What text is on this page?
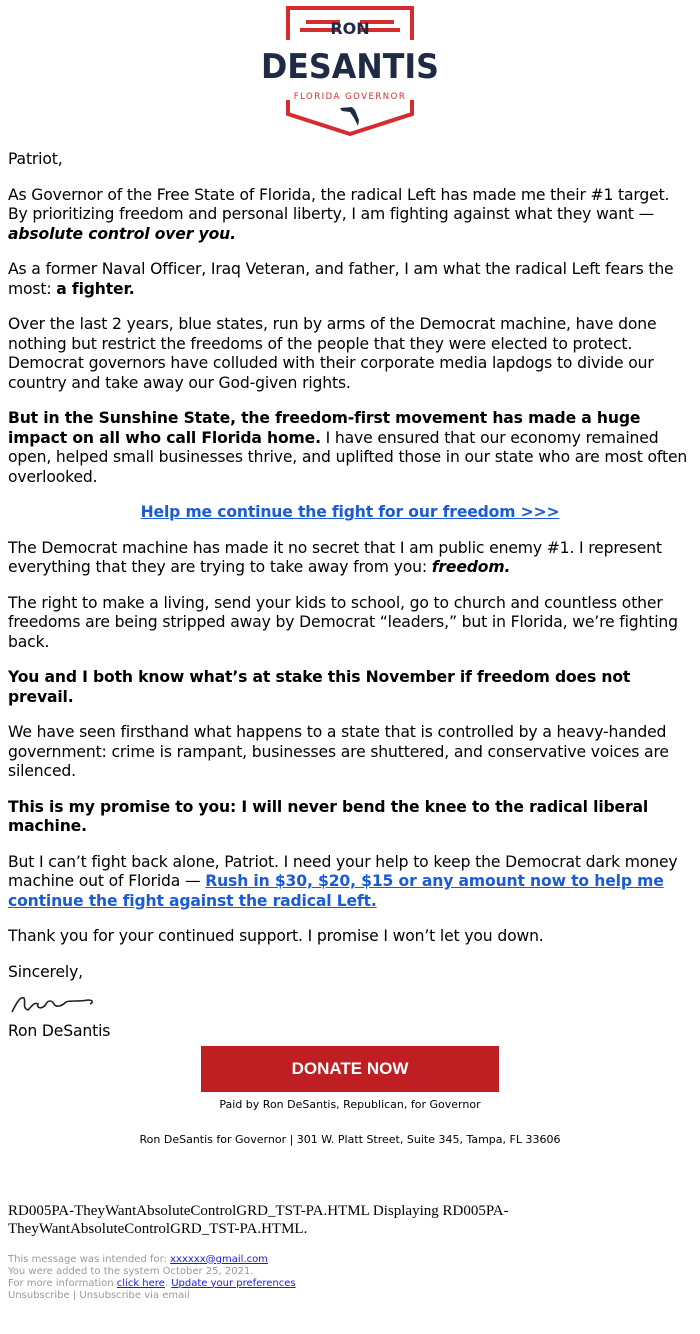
RON
DESANTIS
FLORIDA GOVERNOR

Patriot,

As Governor of the Free State of Florida, the radical Left has made me their #1 target. By prioritizing freedom and personal liberty, I am fighting against what they want — absolute control over you.

As a former Naval Officer, Iraq Veteran, and father, I am what the radical Left fears the most: a fighter.

Over the last 2 years, blue states, run by arms of the Democrat machine, have done nothing but restrict the freedoms of the people that they were elected to protect. Democrat governors have colluded with their corporate media lapdogs to divide our country and take away our God-given rights.

But in the Sunshine State, the freedom-first movement has made a huge impact on all who call Florida home. I have ensured that our economy remained open, helped small businesses thrive, and uplifted those in our state who are most often overlooked.

Help me continue the fight for our freedom >>>

The Democrat machine has made it no secret that I am public enemy #1. I represent everything that they are trying to take away from you: freedom.

The right to make a living, send your kids to school, go to church and countless other freedoms are being stripped away by Democrat “leaders,” but in Florida, we’re fighting back.

You and I both know what’s at stake this November if freedom does not prevail.

We have seen firsthand what happens to a state that is controlled by a heavy-handed government: crime is rampant, businesses are shuttered, and conservative voices are silenced.

This is my promise to you: I will never bend the knee to the radical liberal machine.

But I can’t fight back alone, Patriot. I need your help to keep the Democrat dark money machine out of Florida — Rush in $30, $20, $15 or any amount now to help me continue the fight against the radical Left.

Thank you for your continued support. I promise I won’t let you down.

Sincerely,

Ron DeSantis

DONATE NOW
Paid by Ron DeSantis, Republican, for Governor
Ron DeSantis for Governor | 301 W. Platt Street, Suite 345, Tampa, FL 33606
RD005PA-TheyWantAbsoluteControlGRD_TST-PA.HTML Displaying RD005PA-TheyWantAbsoluteControlGRD_TST-PA.HTML.
This message was intended for: xxxxxx@gmail.com
You were added to the system October 25, 2021.
For more information click here. Update your preferences
Unsubscribe | Unsubscribe via email
